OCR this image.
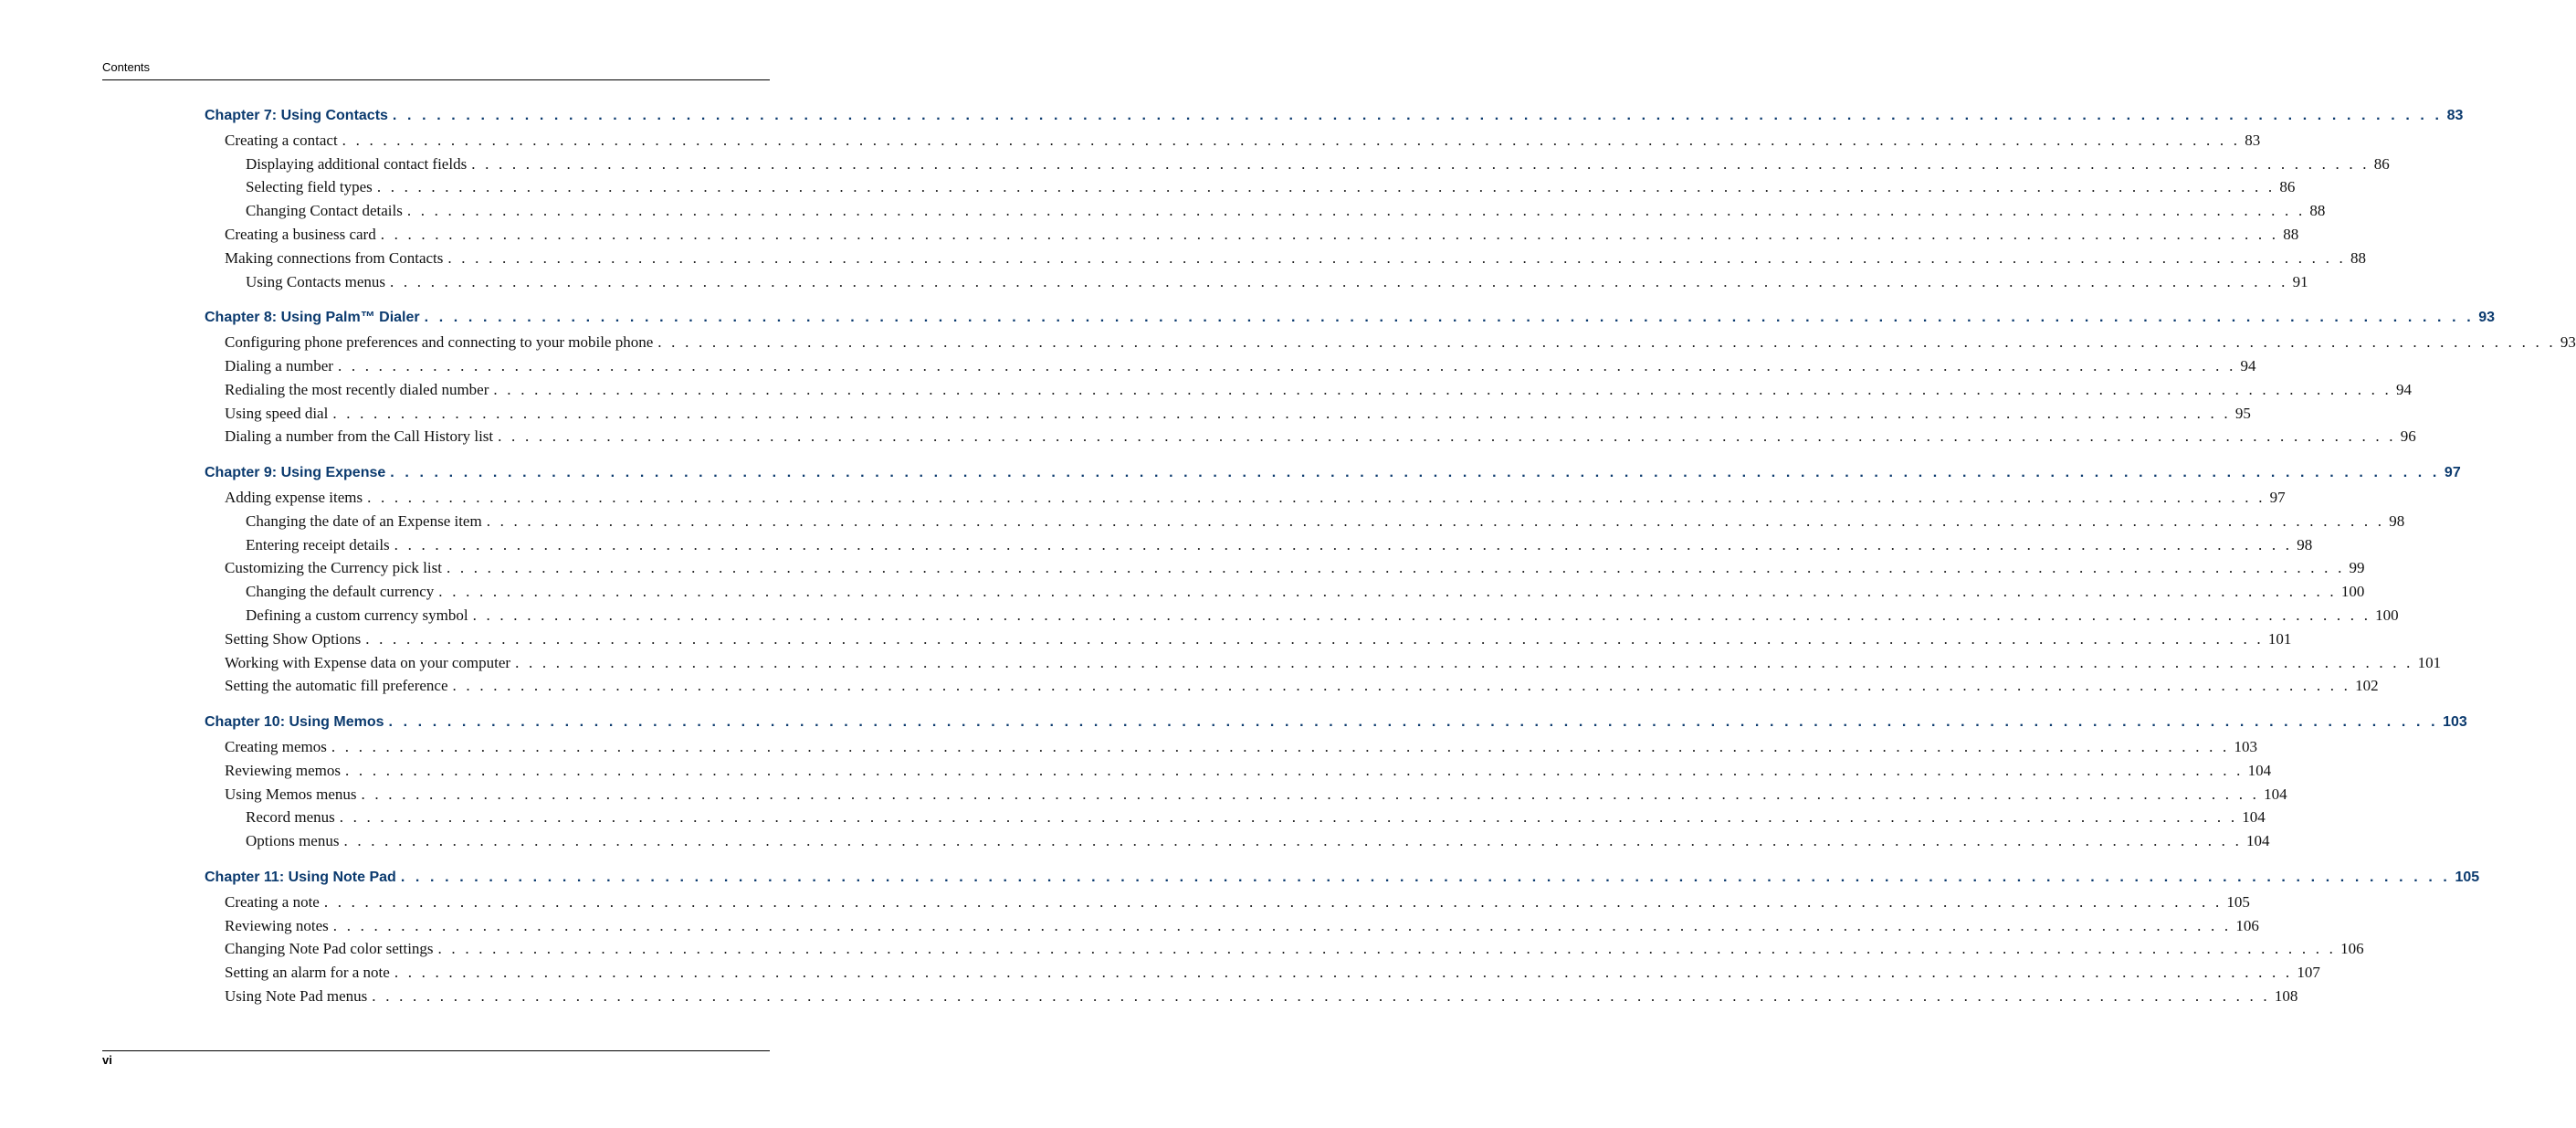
Contents
Chapter 7: Using Contacts . . . . . . . . . . . . . . . . . . . . . . . . . . . . . . . . . . . . . . . . . . . . . . . . . . . . . . . . . . . . . . . . . . . . . . . . . . . . . . . . . . . . . . . . . . . . . . . . . . . . . . . . . . . . . . . . . . . . . . . . . . . . . . . . . . . . . . . . . . . . 83
Creating a contact . . . . . . . . . . . . . . . . . . . . . . . . . . . . . . . . . . . . . . . . . . . . . . . . . . . . . . . . . . . . . . . . . . . . . . . . . . . . . . . . . . . . . . . . . . . . . . . . . . . . . . . . . . . . . . . . . . . . . . . . . . . . . . . . . . . . . . . . . . . . 83
Displaying additional contact fields . . . . . . . . . . . . . . . . . . . . . . . . . . . . . . . . . . . . . . . . . . . . . . . . . . . . . . . . . . . . . . . . . . . . . . . . . . . . . . . . . . . . . . . . . . . . . . . . . . . . . . . . . . . . . . . . . . . . . . . . . . . . . . . . . . . . . . . . . . . . 86
Selecting field types . . . . . . . . . . . . . . . . . . . . . . . . . . . . . . . . . . . . . . . . . . . . . . . . . . . . . . . . . . . . . . . . . . . . . . . . . . . . . . . . . . . . . . . . . . . . . . . . . . . . . . . . . . . . . . . . . . . . . . . . . . . . . . . . . . . . . . . . . . . . 86
Changing Contact details . . . . . . . . . . . . . . . . . . . . . . . . . . . . . . . . . . . . . . . . . . . . . . . . . . . . . . . . . . . . . . . . . . . . . . . . . . . . . . . . . . . . . . . . . . . . . . . . . . . . . . . . . . . . . . . . . . . . . . . . . . . . . . . . . . . . . . . . . . . . 88
Creating a business card . . . . . . . . . . . . . . . . . . . . . . . . . . . . . . . . . . . . . . . . . . . . . . . . . . . . . . . . . . . . . . . . . . . . . . . . . . . . . . . . . . . . . . . . . . . . . . . . . . . . . . . . . . . . . . . . . . . . . . . . . . . . . . . . . . . . . . . . . . . . 88
Making connections from Contacts . . . . . . . . . . . . . . . . . . . . . . . . . . . . . . . . . . . . . . . . . . . . . . . . . . . . . . . . . . . . . . . . . . . . . . . . . . . . . . . . . . . . . . . . . . . . . . . . . . . . . . . . . . . . . . . . . . . . . . . . . . . . . . . . . . . . . . . . . . . . 88
Using Contacts menus . . . . . . . . . . . . . . . . . . . . . . . . . . . . . . . . . . . . . . . . . . . . . . . . . . . . . . . . . . . . . . . . . . . . . . . . . . . . . . . . . . . . . . . . . . . . . . . . . . . . . . . . . . . . . . . . . . . . . . . . . . . . . . . . . . . . . . . . . . . . 91
Chapter 8: Using Palm™ Dialer . . . . . . . . . . . . . . . . . . . . . . . . . . . . . . . . . . . . . . . . . . . . . . . . . . . . . . . . . . . . . . . . . . . . . . . . . . . . . . . . . . . . . . . . . . . . . . . . . . . . . . . . . . . . . . . . . . . . . . . . . . . . . . . . . . . . . . . . . . . . 93
Configuring phone preferences and connecting to your mobile phone . . . . . . . . . . . . . . . . . . . . . . . . . . . . . . . . . . . . . . . . . . . . . . . . . . . . . . . . . . . . . . . . . . . . . . . . . . . . . . . . . . . . . . . . . . . . . . . . . . . . . . . . . . . . . . . . . . . . . . . . . . . . . . . . . . . . . . . . . . . . 93
Dialing a number . . . . . . . . . . . . . . . . . . . . . . . . . . . . . . . . . . . . . . . . . . . . . . . . . . . . . . . . . . . . . . . . . . . . . . . . . . . . . . . . . . . . . . . . . . . . . . . . . . . . . . . . . . . . . . . . . . . . . . . . . . . . . . . . . . . . . . . . . . . . 94
Redialing the most recently dialed number . . . . . . . . . . . . . . . . . . . . . . . . . . . . . . . . . . . . . . . . . . . . . . . . . . . . . . . . . . . . . . . . . . . . . . . . . . . . . . . . . . . . . . . . . . . . . . . . . . . . . . . . . . . . . . . . . . . . . . . . . . . . . . . . . . . . . . . . . . . . 94
Using speed dial . . . . . . . . . . . . . . . . . . . . . . . . . . . . . . . . . . . . . . . . . . . . . . . . . . . . . . . . . . . . . . . . . . . . . . . . . . . . . . . . . . . . . . . . . . . . . . . . . . . . . . . . . . . . . . . . . . . . . . . . . . . . . . . . . . . . . . . . . . . . 95
Dialing a number from the Call History list . . . . . . . . . . . . . . . . . . . . . . . . . . . . . . . . . . . . . . . . . . . . . . . . . . . . . . . . . . . . . . . . . . . . . . . . . . . . . . . . . . . . . . . . . . . . . . . . . . . . . . . . . . . . . . . . . . . . . . . . . . . . . . . . . . . . . . . . . . . . 96
Chapter 9: Using Expense . . . . . . . . . . . . . . . . . . . . . . . . . . . . . . . . . . . . . . . . . . . . . . . . . . . . . . . . . . . . . . . . . . . . . . . . . . . . . . . . . . . . . . . . . . . . . . . . . . . . . . . . . . . . . . . . . . . . . . . . . . . . . . . . . . . . . . . . . . . . 97
Adding expense items . . . . . . . . . . . . . . . . . . . . . . . . . . . . . . . . . . . . . . . . . . . . . . . . . . . . . . . . . . . . . . . . . . . . . . . . . . . . . . . . . . . . . . . . . . . . . . . . . . . . . . . . . . . . . . . . . . . . . . . . . . . . . . . . . . . . . . . . . . . . 97
Changing the date of an Expense item . . . . . . . . . . . . . . . . . . . . . . . . . . . . . . . . . . . . . . . . . . . . . . . . . . . . . . . . . . . . . . . . . . . . . . . . . . . . . . . . . . . . . . . . . . . . . . . . . . . . . . . . . . . . . . . . . . . . . . . . . . . . . . . . . . . . . . . . . . . . 98
Entering receipt details . . . . . . . . . . . . . . . . . . . . . . . . . . . . . . . . . . . . . . . . . . . . . . . . . . . . . . . . . . . . . . . . . . . . . . . . . . . . . . . . . . . . . . . . . . . . . . . . . . . . . . . . . . . . . . . . . . . . . . . . . . . . . . . . . . . . . . . . . . . . 98
Customizing the Currency pick list . . . . . . . . . . . . . . . . . . . . . . . . . . . . . . . . . . . . . . . . . . . . . . . . . . . . . . . . . . . . . . . . . . . . . . . . . . . . . . . . . . . . . . . . . . . . . . . . . . . . . . . . . . . . . . . . . . . . . . . . . . . . . . . . . . . . . . . . . . . . 99
Changing the default currency . . . . . . . . . . . . . . . . . . . . . . . . . . . . . . . . . . . . . . . . . . . . . . . . . . . . . . . . . . . . . . . . . . . . . . . . . . . . . . . . . . . . . . . . . . . . . . . . . . . . . . . . . . . . . . . . . . . . . . . . . . . . . . . . . . . . . . . . . . . . 100
Defining a custom currency symbol . . . . . . . . . . . . . . . . . . . . . . . . . . . . . . . . . . . . . . . . . . . . . . . . . . . . . . . . . . . . . . . . . . . . . . . . . . . . . . . . . . . . . . . . . . . . . . . . . . . . . . . . . . . . . . . . . . . . . . . . . . . . . . . . . . . . . . . . . . . . 100
Setting Show Options . . . . . . . . . . . . . . . . . . . . . . . . . . . . . . . . . . . . . . . . . . . . . . . . . . . . . . . . . . . . . . . . . . . . . . . . . . . . . . . . . . . . . . . . . . . . . . . . . . . . . . . . . . . . . . . . . . . . . . . . . . . . . . . . . . . . . . . . . . . . 101
Working with Expense data on your computer . . . . . . . . . . . . . . . . . . . . . . . . . . . . . . . . . . . . . . . . . . . . . . . . . . . . . . . . . . . . . . . . . . . . . . . . . . . . . . . . . . . . . . . . . . . . . . . . . . . . . . . . . . . . . . . . . . . . . . . . . . . . . . . . . . . . . . . . . . . . 101
Setting the automatic fill preference . . . . . . . . . . . . . . . . . . . . . . . . . . . . . . . . . . . . . . . . . . . . . . . . . . . . . . . . . . . . . . . . . . . . . . . . . . . . . . . . . . . . . . . . . . . . . . . . . . . . . . . . . . . . . . . . . . . . . . . . . . . . . . . . . . . . . . . . . . . . 102
Chapter 10: Using Memos . . . . . . . . . . . . . . . . . . . . . . . . . . . . . . . . . . . . . . . . . . . . . . . . . . . . . . . . . . . . . . . . . . . . . . . . . . . . . . . . . . . . . . . . . . . . . . . . . . . . . . . . . . . . . . . . . . . . . . . . . . . . . . . . . . . . . . . . . . . . 103
Creating memos . . . . . . . . . . . . . . . . . . . . . . . . . . . . . . . . . . . . . . . . . . . . . . . . . . . . . . . . . . . . . . . . . . . . . . . . . . . . . . . . . . . . . . . . . . . . . . . . . . . . . . . . . . . . . . . . . . . . . . . . . . . . . . . . . . . . . . . . . . . . 103
Reviewing memos . . . . . . . . . . . . . . . . . . . . . . . . . . . . . . . . . . . . . . . . . . . . . . . . . . . . . . . . . . . . . . . . . . . . . . . . . . . . . . . . . . . . . . . . . . . . . . . . . . . . . . . . . . . . . . . . . . . . . . . . . . . . . . . . . . . . . . . . . . . . 104
Using Memos menus . . . . . . . . . . . . . . . . . . . . . . . . . . . . . . . . . . . . . . . . . . . . . . . . . . . . . . . . . . . . . . . . . . . . . . . . . . . . . . . . . . . . . . . . . . . . . . . . . . . . . . . . . . . . . . . . . . . . . . . . . . . . . . . . . . . . . . . . . . . . 104
Record menus . . . . . . . . . . . . . . . . . . . . . . . . . . . . . . . . . . . . . . . . . . . . . . . . . . . . . . . . . . . . . . . . . . . . . . . . . . . . . . . . . . . . . . . . . . . . . . . . . . . . . . . . . . . . . . . . . . . . . . . . . . . . . . . . . . . . . . . . . . . . 104
Options menus . . . . . . . . . . . . . . . . . . . . . . . . . . . . . . . . . . . . . . . . . . . . . . . . . . . . . . . . . . . . . . . . . . . . . . . . . . . . . . . . . . . . . . . . . . . . . . . . . . . . . . . . . . . . . . . . . . . . . . . . . . . . . . . . . . . . . . . . . . . . 104
Chapter 11: Using Note Pad . . . . . . . . . . . . . . . . . . . . . . . . . . . . . . . . . . . . . . . . . . . . . . . . . . . . . . . . . . . . . . . . . . . . . . . . . . . . . . . . . . . . . . . . . . . . . . . . . . . . . . . . . . . . . . . . . . . . . . . . . . . . . . . . . . . . . . . . . . . . 105
Creating a note . . . . . . . . . . . . . . . . . . . . . . . . . . . . . . . . . . . . . . . . . . . . . . . . . . . . . . . . . . . . . . . . . . . . . . . . . . . . . . . . . . . . . . . . . . . . . . . . . . . . . . . . . . . . . . . . . . . . . . . . . . . . . . . . . . . . . . . . . . . . 105
Reviewing notes . . . . . . . . . . . . . . . . . . . . . . . . . . . . . . . . . . . . . . . . . . . . . . . . . . . . . . . . . . . . . . . . . . . . . . . . . . . . . . . . . . . . . . . . . . . . . . . . . . . . . . . . . . . . . . . . . . . . . . . . . . . . . . . . . . . . . . . . . . . . 106
Changing Note Pad color settings . . . . . . . . . . . . . . . . . . . . . . . . . . . . . . . . . . . . . . . . . . . . . . . . . . . . . . . . . . . . . . . . . . . . . . . . . . . . . . . . . . . . . . . . . . . . . . . . . . . . . . . . . . . . . . . . . . . . . . . . . . . . . . . . . . . . . . . . . . . . 106
Setting an alarm for a note . . . . . . . . . . . . . . . . . . . . . . . . . . . . . . . . . . . . . . . . . . . . . . . . . . . . . . . . . . . . . . . . . . . . . . . . . . . . . . . . . . . . . . . . . . . . . . . . . . . . . . . . . . . . . . . . . . . . . . . . . . . . . . . . . . . . . . . . . . . . 107
Using Note Pad menus . . . . . . . . . . . . . . . . . . . . . . . . . . . . . . . . . . . . . . . . . . . . . . . . . . . . . . . . . . . . . . . . . . . . . . . . . . . . . . . . . . . . . . . . . . . . . . . . . . . . . . . . . . . . . . . . . . . . . . . . . . . . . . . . . . . . . . . . . . . . 108
vi
